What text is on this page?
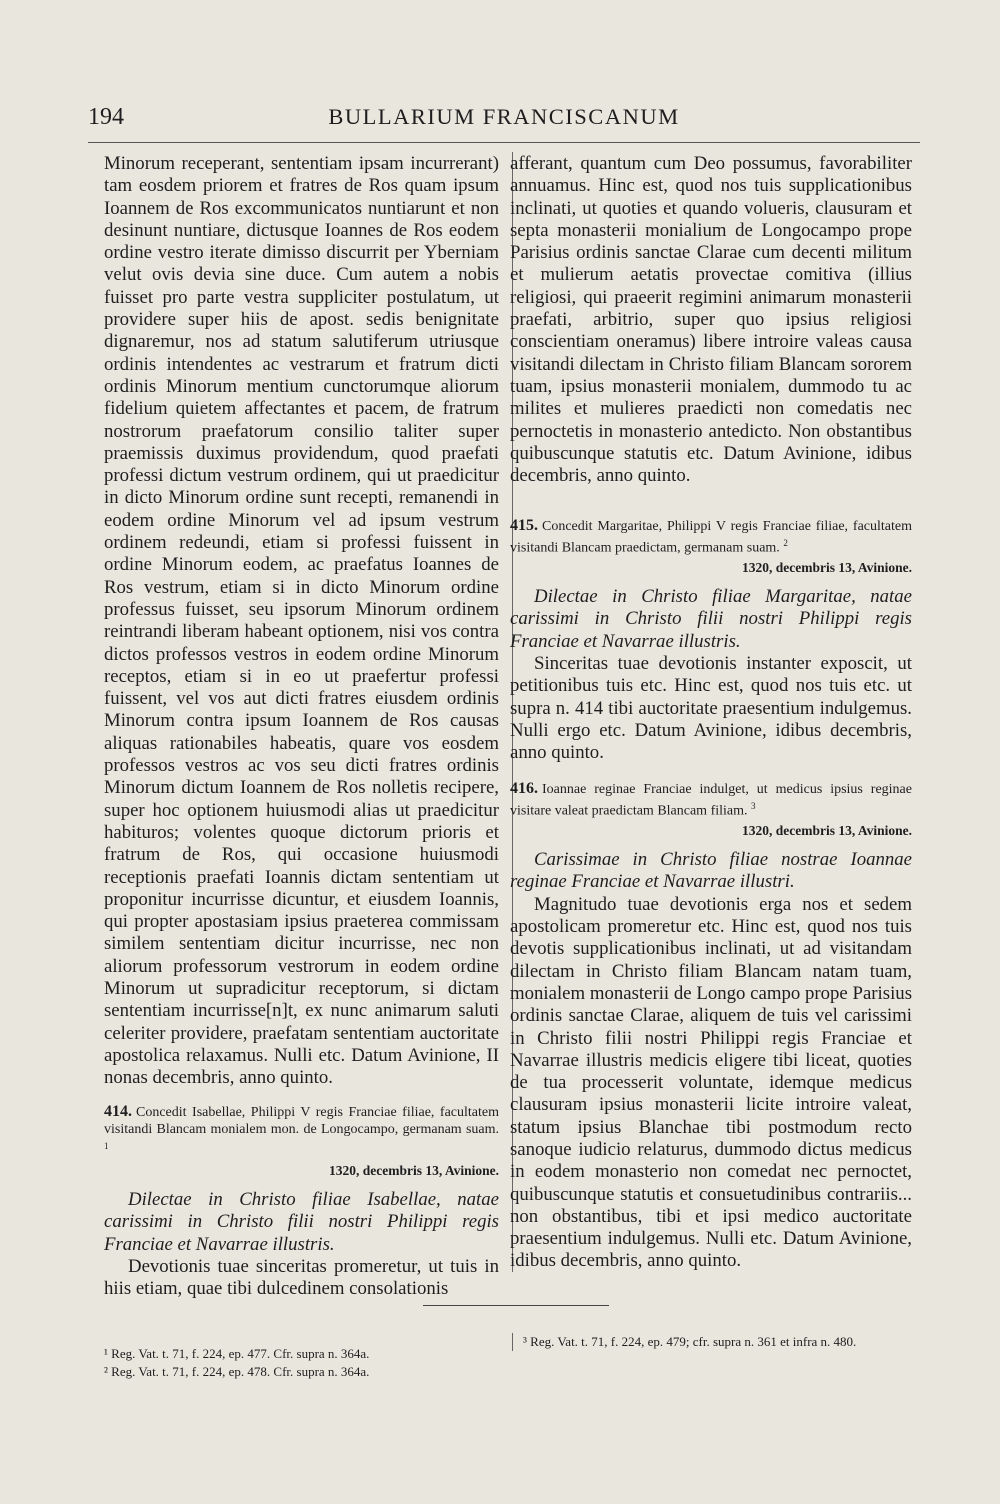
194	BULLARIUM FRANCISCANUM

Minorum receperant, sententiam ipsam incurrerant) tam eosdem priorem et fratres de Ros quam ipsum Ioannem de Ros excommunicatos nuntiarunt et non desinunt nuntiare, dictusque Ioannes de Ros eodem ordine vestro iterate dimisso discurrit per Yberniam velut ovis devia sine duce. Cum autem a nobis fuisset pro parte vestra suppliciter postulatum, ut providere super hiis de apost. sedis benignitate dignaremur, nos ad statum salutiferum utriusque ordinis intendentes ac vestrarum et fratrum dicti ordinis Minorum mentium cunctorumque aliorum fidelium quietem affectantes et pacem, de fratrum nostrorum praefatorum consilio taliter super praemissis duximus providendum, quod praefati professi dictum vestrum ordinem, qui ut praedicitur in dicto Minorum ordine sunt recepti, remanendi in eodem ordine Minorum vel ad ipsum vestrum ordinem redeundi, etiam si professi fuissent in ordine Minorum eodem, ac praefatus Ioannes de Ros vestrum, etiam si in dicto Minorum ordine professus fuisset, seu ipsorum Minorum ordinem reintrandi liberam habeant optionem, nisi vos contra dictos professos vestros in eodem ordine Minorum receptos, etiam si in eo ut praefertur professi fuissent, vel vos aut dicti fratres eiusdem ordinis Minorum contra ipsum Ioannem de Ros causas aliquas rationabiles habeatis, quare vos eosdem professos vestros ac vos seu dicti fratres ordinis Minorum dictum Ioannem de Ros nolletis recipere, super hoc optionem huiusmodi alias ut praedicitur habituros; volentes quoque dictorum prioris et fratrum de Ros, qui occasione huiusmodi receptionis praefati Ioannis dictam sententiam ut proponitur incurrisse dicuntur, et eiusdem Ioannis, qui propter apostasiam ipsius praeterea commissam similem sententiam dicitur incurrisse, nec non aliorum professorum vestrorum in eodem ordine Minorum ut supradicitur receptorum, si dictam sententiam incurrisse[n]t, ex nunc animarum saluti celeriter providere, praefatam sententiam auctoritate apostolica relaxamus. Nulli etc. Datum Avinione, II nonas decembris, anno quinto.

414. Concedit Isabellae, Philippi V regis Franciae filiae, facultatem visitandi Blancam monialem mon. de Longocampo, germanam suam. $^1$
1320, decembris 13, Avinione.

Dilectae in Christo filiae Isabellae, natae carissimi in Christo filii nostri Philippi regis Franciae et Navarrae illustris.

Devotionis tuae sinceritas promeretur, ut tuis in hiis etiam, quae tibi dulcedinem consolationis

afferant, quantum cum Deo possumus, favorabiliter annuamus. Hinc est, quod nos tuis supplicationibus inclinati, ut quoties et quando volueris, clausuram et septa monasterii monialium de Longocampo prope Parisius ordinis sanctae Clarae cum decenti militum et mulierum aetatis provectae comitiva (illius religiosi, qui praeerit regimini animarum monasterii praefati, arbitrio, super quo ipsius religiosi conscientiam oneramus) libere introire valeas causa visitandi dilectam in Christo filiam Blancam sororem tuam, ipsius monasterii monialem, dummodo tu ac milites et mulieres praedicti non comedatis nec pernoctetis in monasterio antedicto. Non obstantibus quibuscunque statutis etc. Datum Avinione, idibus decembris, anno quinto.

415. Concedit Margaritae, Philippi V regis Franciae filiae, facultatem visitandi Blancam praedictam, germanam suam. $^2$
1320, decembris 13, Avinione.

Dilectae in Christo filiae Margaritae, natae carissimi in Christo filii nostri Philippi regis Franciae et Navarrae illustris.

Sinceritas tuae devotionis instanter exposcit, ut petitionibus tuis etc. Hinc est, quod nos tuis etc. ut supra n. 414 tibi auctoritate praesentium indulgemus. Nulli ergo etc. Datum Avinione, idibus decembris, anno quinto.

416. Ioannae reginae Franciae indulget, ut medicus ipsius reginae visitare valeat praedictam Blancam filiam. $^3$
1320, decembris 13, Avinione.

Carissimae in Christo filiae nostrae Ioannae reginae Franciae et Navarrae illustri.

Magnitudo tuae devotionis erga nos et sedem apostolicam promeretur etc. Hinc est, quod nos tuis devotis supplicationibus inclinati, ut ad visitandam dilectam in Christo filiam Blancam natam tuam, monialem monasterii de Longo campo prope Parisius ordinis sanctae Clarae, aliquem de tuis vel carissimi in Christo filii nostri Philippi regis Franciae et Navarrae illustris medicis eligere tibi liceat, quoties de tua processerit voluntate, idemque medicus clausuram ipsius monasterii licite introire valeat, statum ipsius Blanchae tibi postmodum recto sanoque iudicio relaturus, dummodo dictus medicus in eodem monasterio non comedat nec pernoctet, quibuscunque statutis et consuetudinibus contrariis... non obstantibus, tibi et ipsi medico auctoritate praesentium indulgemus. Nulli etc. Datum Avinione, idibus decembris, anno quinto.

¹ Reg. Vat. t. 71, f. 224, ep. 477. Cfr. supra n. 364a.
² Reg. Vat. t. 71, f. 224, ep. 478. Cfr. supra n. 364a.
³ Reg. Vat. t. 71, f. 224, ep. 479; cfr. supra n. 361 et infra n. 480.
